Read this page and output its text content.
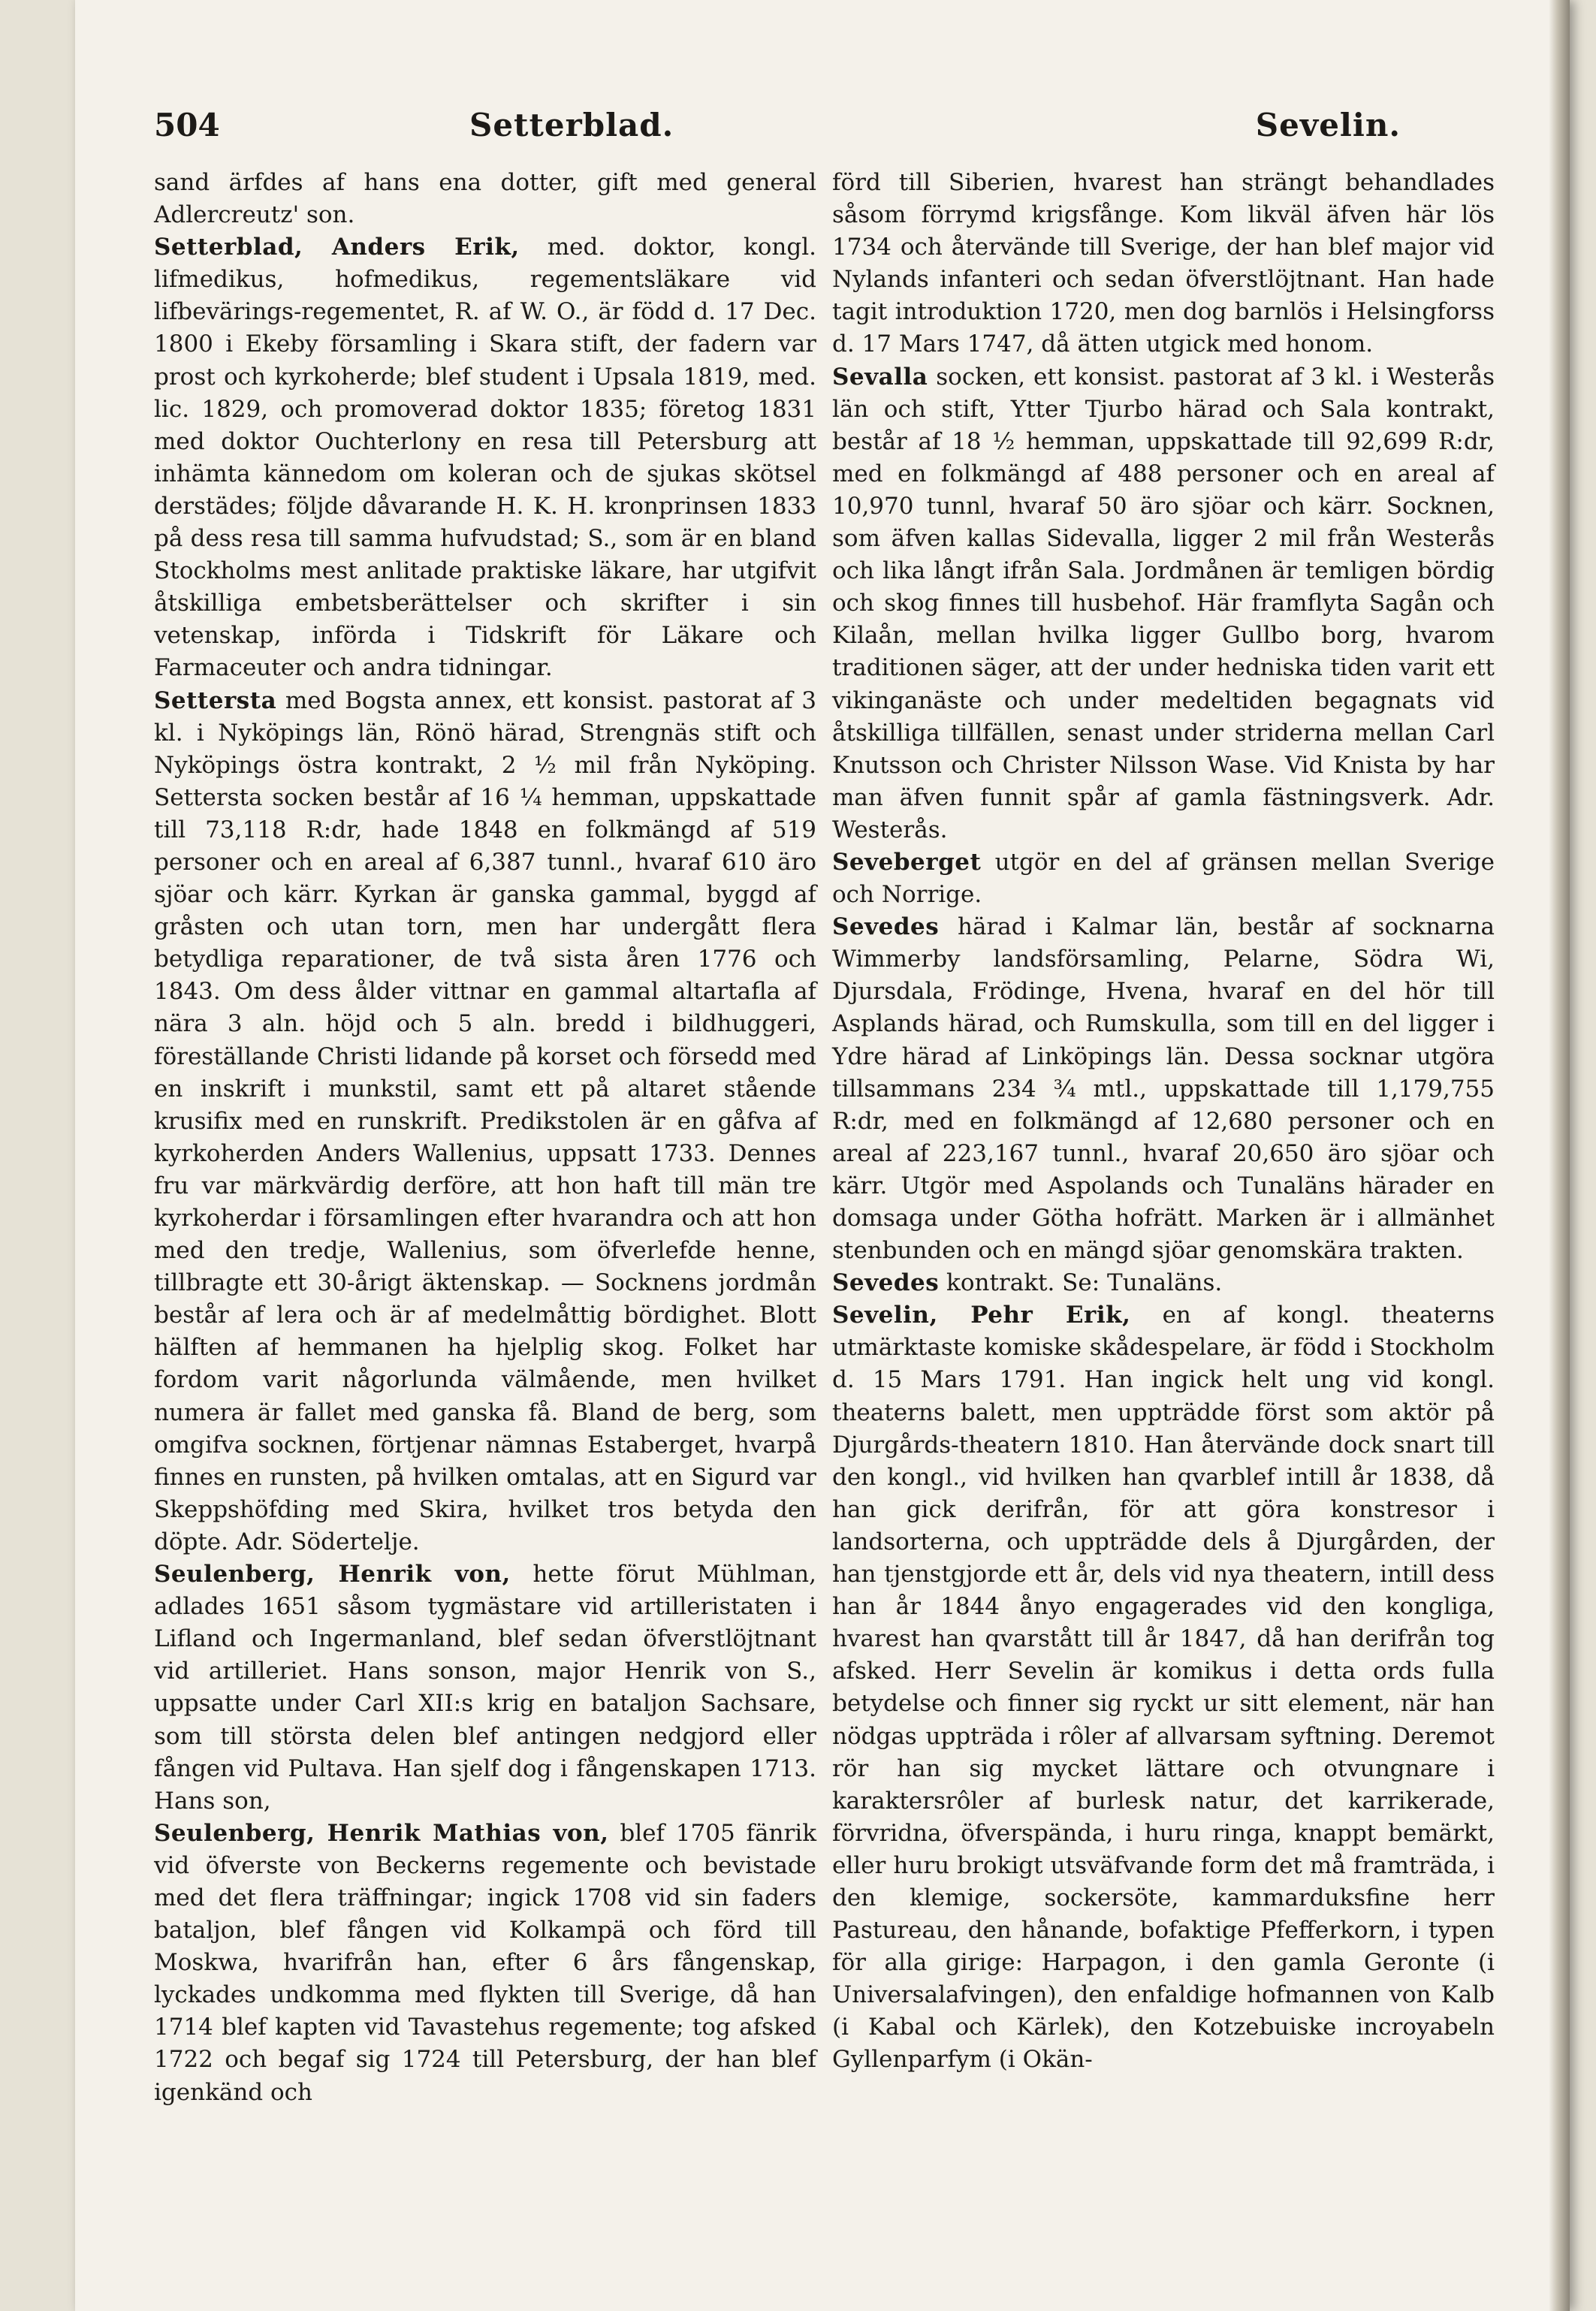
504	Setterblad.	Sevelin.

sand ärfdes af hans ena dotter, gift med general Adlercreutz' son.

Setterblad, Anders Erik, med. doktor, kongl. lifmedikus, hofmedikus, regementsläkare vid lifbevärings-regementet, R. af W. O., är född d. 17 Dec. 1800 i Ekeby församling i Skara stift, der fadern var prost och kyrkoherde; blef student i Upsala 1819, med. lic. 1829, och promoverad doktor 1835; företog 1831 med doktor Ouchterlony en resa till Petersburg att inhämta kännedom om koleran och de sjukas skötsel derstädes; följde dåvarande H. K. H. kronprinsen 1833 på dess resa till samma hufvudstad; S., som är en bland Stockholms mest anlitade praktiske läkare, har utgifvit åtskilliga embetsberättelser och skrifter i sin vetenskap, införda i Tidskrift för Läkare och Farmaceuter och andra tidningar.

Settersta med Bogsta annex, ett konsist. pastorat af 3 kl. i Nyköpings län, Rönö härad, Strengnäs stift och Nyköpings östra kontrakt, 2 ½ mil från Nyköping. Settersta socken består af 16 ¼ hemman, uppskattade till 73,118 R:dr, hade 1848 en folkmängd af 519 personer och en areal af 6,387 tunnl., hvaraf 610 äro sjöar och kärr. Kyrkan är ganska gammal, byggd af gråsten och utan torn, men har undergått flera betydliga reparationer, de två sista åren 1776 och 1843. Om dess ålder vittnar en gammal altartafla af nära 3 aln. höjd och 5 aln. bredd i bildhuggeri, föreställande Christi lidande på korset och försedd med en inskrift i munkstil, samt ett på altaret stående krusifix med en runskrift. Predikstolen är en gåfva af kyrkoherden Anders Wallenius, uppsatt 1733. Dennes fru var märkvärdig derföre, att hon haft till män tre kyrkoherdar i församlingen efter hvarandra och att hon med den tredje, Wallenius, som öfverlefde henne, tillbragte ett 30-årigt äktenskap. — Socknens jordmån består af lera och är af medelmåttig bördighet. Blott hälften af hemmanen ha hjelplig skog. Folket har fordom varit någorlunda välmående, men hvilket numera är fallet med ganska få. Bland de berg, som omgifva socknen, förtjenar nämnas Estaberget, hvarpå finnes en runsten, på hvilken omtalas, att en Sigurd var Skeppshöfding med Skira, hvilket tros betyda den döpte. Adr. Södertelje.

Seulenberg, Henrik von, hette förut Mühlman, adlades 1651 såsom tygmästare vid artilleristaten i Lifland och Ingermanland, blef sedan öfverstlöjtnant vid artilleriet. Hans sonson, major Henrik von S., uppsatte under Carl XII:s krig en bataljon Sachsare, som till största delen blef antingen nedgjord eller fången vid Pultava. Han sjelf dog i fångenskapen 1713. Hans son,

Seulenberg, Henrik Mathias von, blef 1705 fänrik vid öfverste von Beckerns regemente och bevistade med det flera träffningar; ingick 1708 vid sin faders bataljon, blef fången vid Kolkampä och förd till Moskwa, hvarifrån han, efter 6 års fångenskap, lyckades undkomma med flykten till Sverige, då han 1714 blef kapten vid Tavastehus regemente; tog afsked 1722 och begaf sig 1724 till Petersburg, der han blef igenkänd och

förd till Siberien, hvarest han strängt behandlades såsom förrymd krigsfånge. Kom likväl äfven här lös 1734 och återvände till Sverige, der han blef major vid Nylands infanteri och sedan öfverstlöjtnant. Han hade tagit introduktion 1720, men dog barnlös i Helsingforss d. 17 Mars 1747, då ätten utgick med honom.

Sevalla socken, ett konsist. pastorat af 3 kl. i Westerås län och stift, Ytter Tjurbo härad och Sala kontrakt, består af 18 ½ hemman, uppskattade till 92,699 R:dr, med en folkmängd af 488 personer och en areal af 10,970 tunnl, hvaraf 50 äro sjöar och kärr. Socknen, som äfven kallas Sidevalla, ligger 2 mil från Westerås och lika långt ifrån Sala. Jordmånen är temligen bördig och skog finnes till husbehof. Här framflyta Sagån och Kilaån, mellan hvilka ligger Gullbo borg, hvarom traditionen säger, att der under hedniska tiden varit ett vikinganäste och under medeltiden begagnats vid åtskilliga tillfällen, senast under striderna mellan Carl Knutsson och Christer Nilsson Wase. Vid Knista by har man äfven funnit spår af gamla fästningsverk. Adr. Westerås.

Seveberget utgör en del af gränsen mellan Sverige och Norrige.

Sevedes härad i Kalmar län, består af socknarna Wimmerby landsförsamling, Pelarne, Södra Wi, Djursdala, Frödinge, Hvena, hvaraf en del hör till Asplands härad, och Rumskulla, som till en del ligger i Ydre härad af Linköpings län. Dessa socknar utgöra tillsammans 234 ¾ mtl., uppskattade till 1,179,755 R:dr, med en folkmängd af 12,680 personer och en areal af 223,167 tunnl., hvaraf 20,650 äro sjöar och kärr. Utgör med Aspolands och Tunaläns härader en domsaga under Götha hofrätt. Marken är i allmänhet stenbunden och en mängd sjöar genomskära trakten.

Sevedes kontrakt. Se: Tunaläns.

Sevelin, Pehr Erik, en af kongl. theaterns utmärktaste komiske skådespelare, är född i Stockholm d. 15 Mars 1791. Han ingick helt ung vid kongl. theaterns balett, men uppträdde först som aktör på Djurgårds-theatern 1810. Han återvände dock snart till den kongl., vid hvilken han qvarblef intill år 1838, då han gick derifrån, för att göra konstresor i landsorterna, och uppträdde dels å Djurgården, der han tjenstgjorde ett år, dels vid nya theatern, intill dess han år 1844 ånyo engagerades vid den kongliga, hvarest han qvarstått till år 1847, då han derifrån tog afsked. Herr Sevelin är komikus i detta ords fulla betydelse och finner sig ryckt ur sitt element, när han nödgas uppträda i rôler af allvarsam syftning. Deremot rör han sig mycket lättare och otvungnare i karaktersrôler af burlesk natur, det karrikerade, förvridna, öfverspända, i huru ringa, knappt bemärkt, eller huru brokigt utsväfvande form det må framträda, i den klemige, sockersöte, kammarduksfine herr Pastureau, den hånande, bofaktige Pfefferkorn, i typen för alla girige: Harpagon, i den gamla Geronte (i Universalafvingen), den enfaldige hofmannen von Kalb (i Kabal och Kärlek), den Kotzebuiske incroyabeln Gyllenparfym (i Okän-
